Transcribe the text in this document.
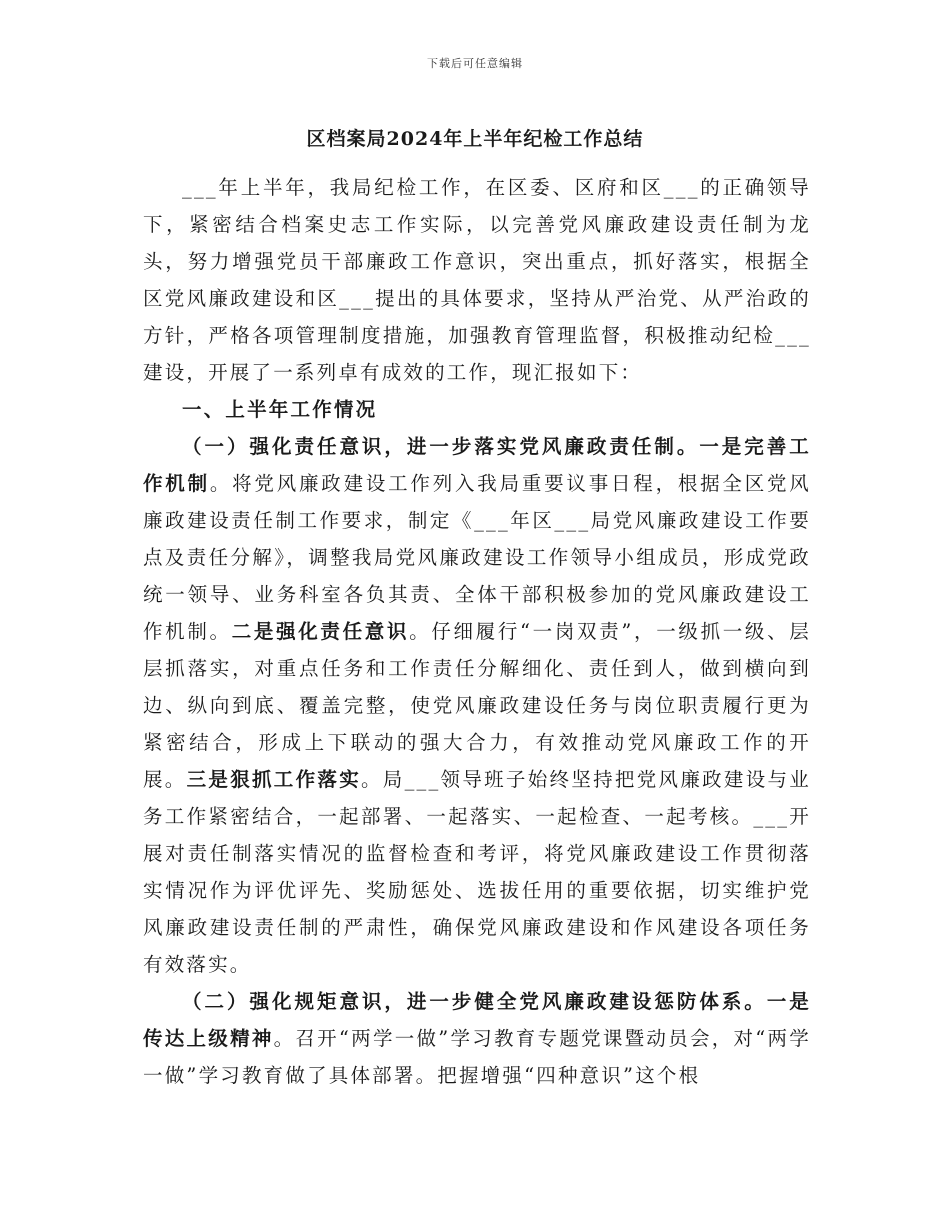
下载后可任意编辑
区档案局2024年上半年纪检工作总结

___年上半年，我局纪检工作，在区委、区府和区___的正确领导下，紧密结合档案史志工作实际，以完善党风廉政建设责任制为龙头，努力增强党员干部廉政工作意识，突出重点，抓好落实，根据全区党风廉政建设和区___提出的具体要求，坚持从严治党、从严治政的方针，严格各项管理制度措施，加强教育管理监督，积极推动纪检___建设，开展了一系列卓有成效的工作，现汇报如下：

一、上半年工作情况

（一）强化责任意识，进一步落实党风廉政责任制。一是完善工作机制。将党风廉政建设工作列入我局重要议事日程，根据全区党风廉政建设责任制工作要求，制定《___年区___局党风廉政建设工作要点及责任分解》，调整我局党风廉政建设工作领导小组成员，形成党政统一领导、业务科室各负其责、全体干部积极参加的党风廉政建设工作机制。二是强化责任意识。仔细履行“一岗双责”，一级抓一级、层层抓落实，对重点任务和工作责任分解细化、责任到人，做到横向到边、纵向到底、覆盖完整，使党风廉政建设任务与岗位职责履行更为紧密结合，形成上下联动的强大合力，有效推动党风廉政工作的开展。三是狠抓工作落实。局___领导班子始终坚持把党风廉政建设与业务工作紧密结合，一起部署、一起落实、一起检查、一起考核。___开展对责任制落实情况的监督检查和考评，将党风廉政建设工作贯彻落实情况作为评优评先、奖励惩处、选拔任用的重要依据，切实维护党风廉政建设责任制的严肃性，确保党风廉政建设和作风建设各项任务有效落实。

（二）强化规矩意识，进一步健全党风廉政建设惩防体系。一是传达上级精神。召开“两学一做”学习教育专题党课暨动员会，对“两学一做”学习教育做了具体部署。把握增强“四种意识”这个根
